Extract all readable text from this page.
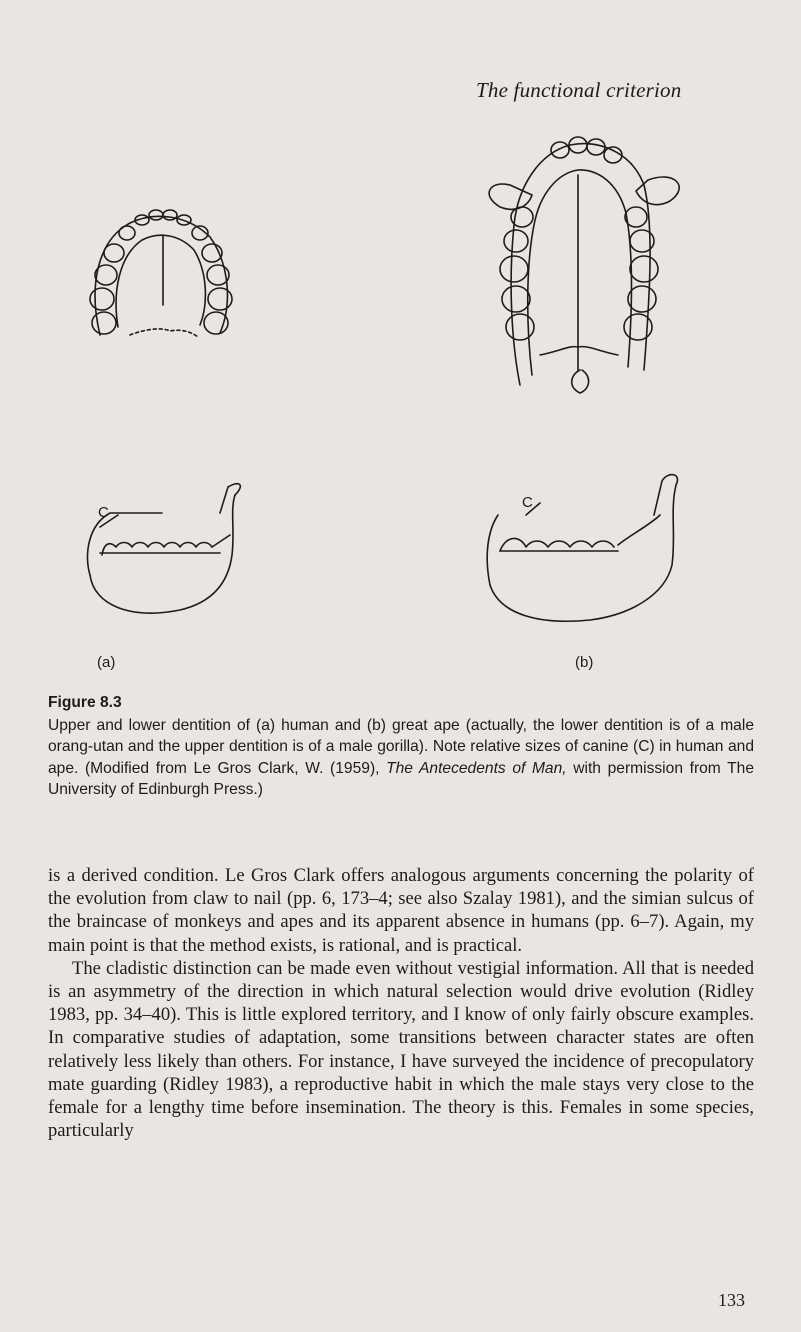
The functional criterion
C
C
(a)	(b)
Figure 8.3

Upper and lower dentition of (a) human and (b) great ape (actually, the lower dentition is of a male orang-utan and the upper dentition is of a male gorilla). Note relative sizes of canine (C) in human and ape. (Modified from Le Gros Clark, W. (1959), The Antecedents of Man, with permission from The University of Edinburgh Press.)

is a derived condition. Le Gros Clark offers analogous arguments concerning the polarity of the evolution from claw to nail (pp. 6, 173–4; see also Szalay 1981), and the simian sulcus of the braincase of monkeys and apes and its apparent absence in humans (pp. 6–7). Again, my main point is that the method exists, is rational, and is practical.

The cladistic distinction can be made even without vestigial information. All that is needed is an asymmetry of the direction in which natural selection would drive evolution (Ridley 1983, pp. 34–40). This is little explored territory, and I know of only fairly obscure examples. In comparative studies of adaptation, some transitions between character states are often relatively less likely than others. For instance, I have surveyed the incidence of precopulatory mate guarding (Ridley 1983), a reproductive habit in which the male stays very close to the female for a lengthy time before insemination. The theory is this. Females in some species, particularly

133
